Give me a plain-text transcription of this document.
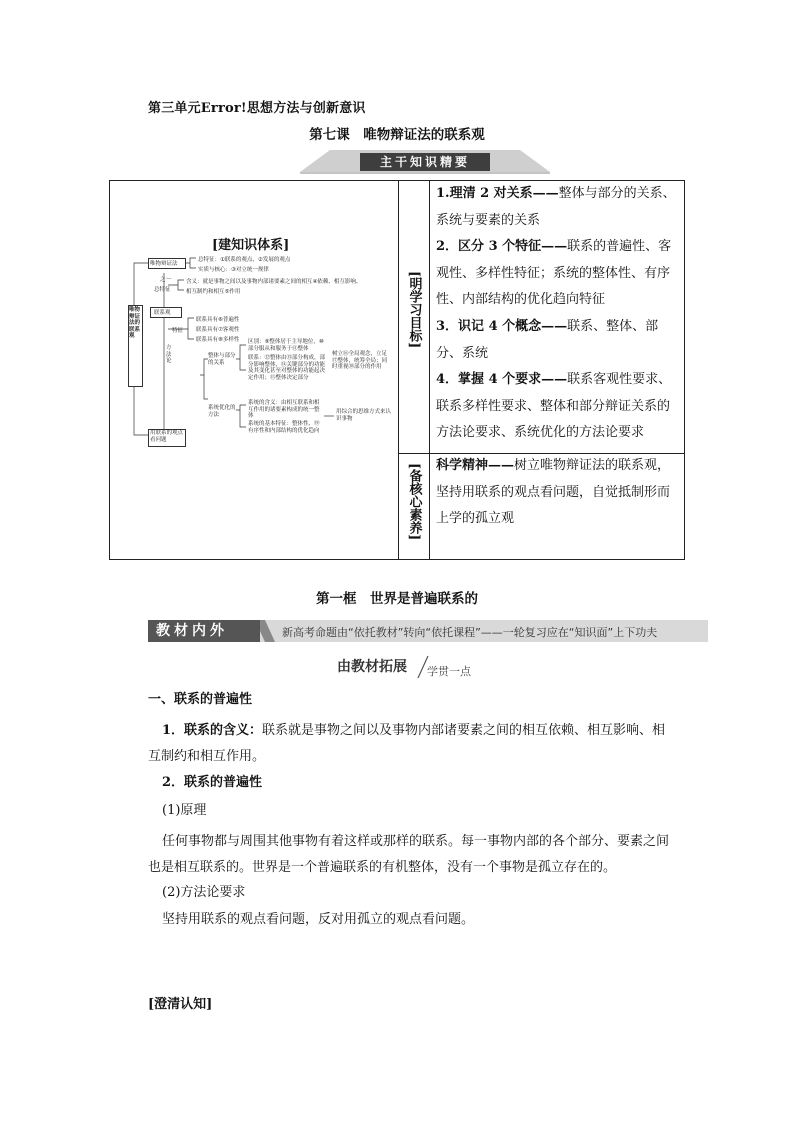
第三单元Error!思想方法与创新意识
第七课　唯物辩证法的联系观
主干知识精要
[建知识体系]
[明学习目标]
[备核心素养]
1.理清 2 对关系——整体与部分的关系、系统与要素的关系
2．区分 3 个特征——联系的普遍性、客观性、多样性特征；系统的整体性、有序性、内部结构的优化趋向特征
3．识记 4 个概念——联系、整体、部分、系统
4．掌握 4 个要求——联系客观性要求、联系多样性要求、整体和部分辩证关系的方法论要求、系统优化的方法论要求
科学精神——树立唯物辩证法的联系观，坚持用联系的观点看问题，自觉抵制形而上学的孤立观
唯物辩证法的联系观
唯物辩证法
总特征：①联系的观点、②发展的观点
实质与核心：③对立统一规律
之一
总特征
含义：就是事物之间以及事物内部诸要素之间的相互④依赖、相互影响、
相互制约和相互⑤作用
联系观
特征
联系具有⑥普遍性
联系具有⑦客观性
联系具有⑧多样性
方法论
用联系的观点看问题
整体与部分的关系
区别：⑨整体居于主导地位，⑩部分服从和服务于⑪整体
联系：⑫整体由⑬部分构成，部分影响整体，⑭关键部分的功能及其变化甚至对整体的功能起决定作用；⑮整体决定部分
树立⑯全局观念，立足⑰整体，统筹全局；同时重视⑱部分的作用
系统优化的方法
系统的含义：由相互联系和相互作用的诸要素构成的统一整体
系统的基本特征：整体性、⑲有序性和内部结构的优化趋向
用综合的思维方式来认识事物
第一框　世界是普遍联系的
教材内外	新高考命题由“依托教材”转向“依托课程”——一轮复习应在“知识面”上下功夫
由教材拓展 学贯一点
一、联系的普遍性
1．联系的含义：联系就是事物之间以及事物内部诸要素之间的相互依赖、相互影响、相互制约和相互作用。
2．联系的普遍性
(1)原理
任何事物都与周围其他事物有着这样或那样的联系。每一事物内部的各个部分、要素之间也是相互联系的。世界是一个普遍联系的有机整体，没有一个事物是孤立存在的。
(2)方法论要求
坚持用联系的观点看问题，反对用孤立的观点看问题。
[澄清认知]
